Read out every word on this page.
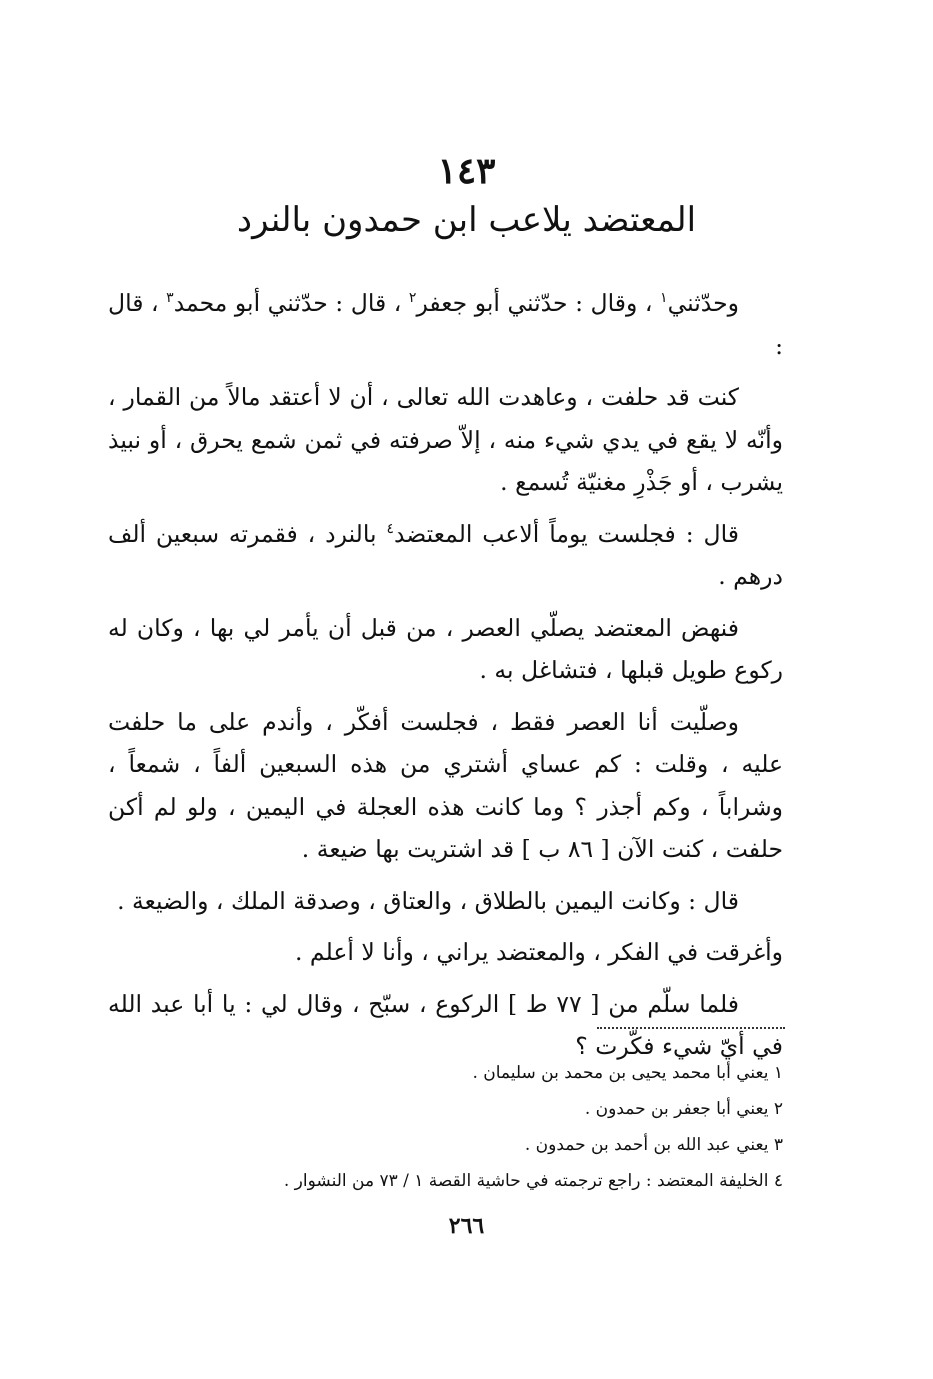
١٤٣
المعتضد يلاعب ابن حمدون بالنرد

وحدّثني$^١$ ، وقال : حدّثني أبو جعفر$^٢$ ، قال : حدّثني أبو محمد$^٣$ ، قال :

كنت قد حلفت ، وعاهدت الله تعالى ، أن لا أعتقد مالاً من القمار ، وأنّه لا يقع في يدي شيء منه ، إلاّ صرفته في ثمن شمع يحرق ، أو نبيذ يشرب ، أو جَذْرِ مغنيّة تُسمع .

قال : فجلست يوماً ألاعب المعتضد$^٤$ بالنرد ، فقمرته سبعين ألف درهم .

فنهض المعتضد يصلّي العصر ، من قبل أن يأمر لي بها ، وكان له ركوع طويل قبلها ، فتشاغل به .

وصلّيت أنا العصر فقط ، فجلست أفكّر ، وأندم على ما حلفت عليه ، وقلت : كم عساي أشتري من هذه السبعين ألفاً ، شمعاً ، وشراباً ، وكم أجذر ؟ وما كانت هذه العجلة في اليمين ، ولو لم أكن حلفت ، كنت الآن [ ٨٦ ب ] قد اشتريت بها ضيعة .

قال : وكانت اليمين بالطلاق ، والعتاق ، وصدقة الملك ، والضيعة .

وأغرقت في الفكر ، والمعتضد يراني ، وأنا لا أعلم .

فلما سلّم من [ ٧٧ ط ] الركوع ، سبّح ، وقال لي : يا أبا عبد الله في أيّ شيء فكّرت ؟

١ يعني أبا محمد يحيى بن محمد بن سليمان .

٢ يعني أبا جعفر بن حمدون .

٣ يعني عبد الله بن أحمد بن حمدون .

٤ الخليفة المعتضد : راجع ترجمته في حاشية القصة ١ / ٧٣ من النشوار .

٢٦٦
